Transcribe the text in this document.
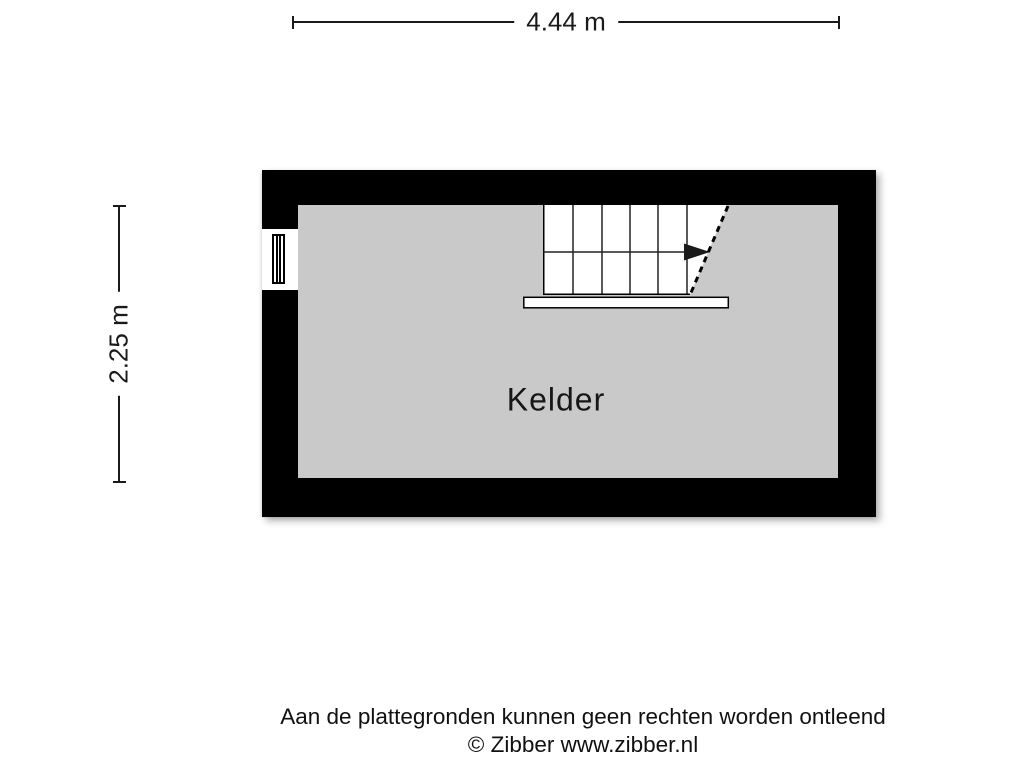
4.44 m
2.25 m
Kelder
Aan de plattegronden kunnen geen rechten worden ontleend
© Zibber www.zibber.nl
